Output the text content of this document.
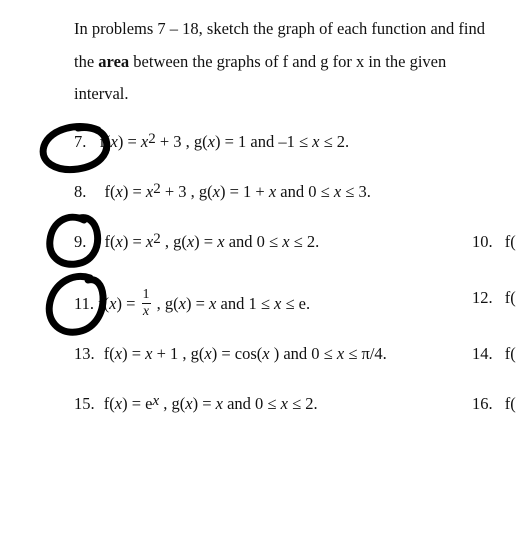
In problems 7 – 18, sketch the graph of each function and find
the area between the graphs of f and g for x in the given
interval.
7. $f(x) = x^2 + 3$ , g(x) = 1 and –1 ≤ x ≤ 2.
8. $f(x) = x^2 + 3$ , g(x) = 1 + x and 0 ≤ x ≤ 3.
9. $f(x) = x^2$ , g(x) = x and 0 ≤ x ≤ 2.	10. f(
11. $f(x) = \frac{1}{x}$ , g(x) = x and 1 ≤ x ≤ e.	12. f(
13. f(x) = x + 1 , g(x) = cos(x ) and 0 ≤ x ≤ π/4.	14. f(
15. $f(x) = e^x$ , g(x) = x and 0 ≤ x ≤ 2.	16. f(
